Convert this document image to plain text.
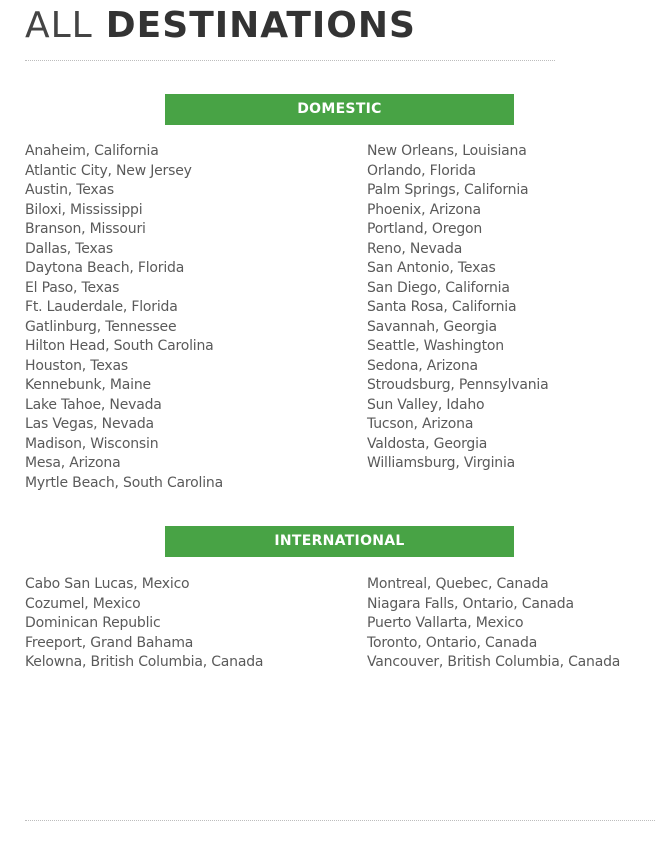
ALL DESTINATIONS
DOMESTIC
Anaheim, California
Atlantic City, New Jersey
Austin, Texas
Biloxi, Mississippi
Branson, Missouri
Dallas, Texas
Daytona Beach, Florida
El Paso, Texas
Ft. Lauderdale, Florida
Gatlinburg, Tennessee
Hilton Head, South Carolina
Houston, Texas
Kennebunk, Maine
Lake Tahoe, Nevada
Las Vegas, Nevada
Madison, Wisconsin
Mesa, Arizona
Myrtle Beach, South Carolina
New Orleans, Louisiana
Orlando, Florida
Palm Springs, California
Phoenix, Arizona
Portland, Oregon
Reno, Nevada
San Antonio, Texas
San Diego, California
Santa Rosa, California
Savannah, Georgia
Seattle, Washington
Sedona, Arizona
Stroudsburg, Pennsylvania
Sun Valley, Idaho
Tucson, Arizona
Valdosta, Georgia
Williamsburg, Virginia
INTERNATIONAL
Cabo San Lucas, Mexico
Cozumel, Mexico
Dominican Republic
Freeport, Grand Bahama
Kelowna, British Columbia, Canada
Montreal, Quebec, Canada
Niagara Falls, Ontario, Canada
Puerto Vallarta, Mexico
Toronto, Ontario, Canada
Vancouver, British Columbia, Canada
